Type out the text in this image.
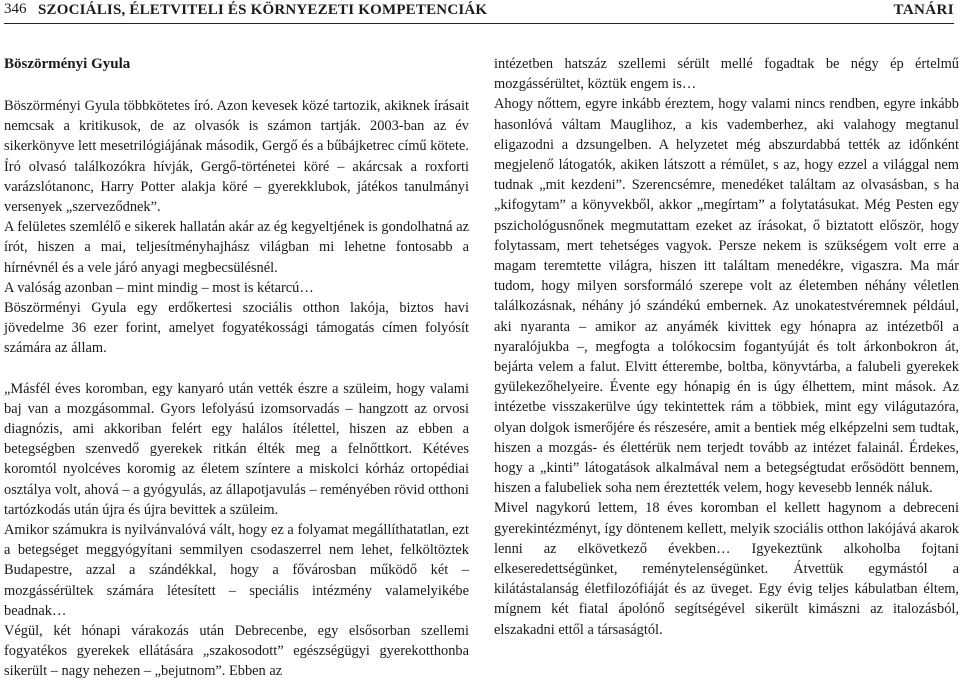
346 SZOCIÁLIS, ÉLETVITELI ÉS KÖRNYEZETI KOMPETENCIÁK	TANÁRI
Böszörményi Gyula

Böszörményi Gyula többkötetes író. Azon kevesek közé tartozik, akiknek írásait nemcsak a kritikusok, de az olvasók is számon tartják. 2003-ban az év sikerkönyve lett mesetrilógiájának második, Gergő és a bűbájketrec című kötete. Író olvasó találkozókra hívják, Gergő-történetei köré – akárcsak a roxforti varázslótanonc, Harry Potter alakja köré – gyerekklubok, játékos tanulmányi versenyek „szerveződnek”.

A felületes szemlélő e sikerek hallatán akár az ég kegyeltjének is gondolhatná az írót, hiszen a mai, teljesítményhajhász világban mi lehetne fontosabb a hírnévnél és a vele járó anyagi megbecsülésnél.

A valóság azonban – mint mindig – most is kétarcú…

Böszörményi Gyula egy erdőkertesi szociális otthon lakója, biztos havi jövedelme 36 ezer forint, amelyet fogyatékossági támogatás címen folyósít számára az állam.

„Másfél éves koromban, egy kanyaró után vették észre a szüleim, hogy valami baj van a mozgásommal. Gyors lefolyású izomsorvadás – hangzott az orvosi diagnózis, ami akkoriban felért egy halálos ítélettel, hiszen az ebben a betegségben szenvedő gyerekek ritkán élték meg a felnőttkort. Kétéves koromtól nyolcéves koromig az életem színtere a miskolci kórház ortopédiai osztálya volt, ahová – a gyógyulás, az állapotjavulás – reményében rövid otthoni tartózkodás után újra és újra bevittek a szüleim.

Amikor számukra is nyilvánvalóvá vált, hogy ez a folyamat megállíthatatlan, ezt a betegséget meggyógyítani semmilyen csodaszerrel nem lehet, felköltöztek Budapestre, azzal a szándékkal, hogy a fővárosban működő két – mozgássérültek számára létesített – speciális intézmény valamelyikébe beadnak…

Végül, két hónapi várakozás után Debrecenbe, egy elsősorban szellemi fogyatékos gyerekek ellátására „szakosodott” egészségügyi gyerekotthonba sikerült – nagy nehezen – „bejutnom”. Ebben az

intézetben hatszáz szellemi sérült mellé fogadtak be négy ép értelmű mozgássérültet, köztük engem is…

Ahogy nőttem, egyre inkább éreztem, hogy valami nincs rendben, egyre inkább hasonlóvá váltam Mauglihoz, a kis vademberhez, aki valahogy megtanul eligazodni a dzsungelben. A helyzetet még abszurdabbá tették az időnként megjelenő látogatók, akiken látszott a rémület, s az, hogy ezzel a világgal nem tudnak „mit kezdeni”. Szerencsémre, menedéket találtam az olvasásban, s ha „kifogytam” a könyvekből, akkor „megírtam” a folytatásukat. Még Pesten egy pszichológusnőnek megmutattam ezeket az írásokat, ő biztatott először, hogy folytassam, mert tehetséges vagyok. Persze nekem is szükségem volt erre a magam teremtette világra, hiszen itt találtam menedékre, vigaszra. Ma már tudom, hogy milyen sorsformáló szerepe volt az életemben néhány véletlen találkozásnak, néhány jó szándékú embernek. Az unokatestvéremnek például, aki nyaranta – amikor az anyámék kivittek egy hónapra az intézetből a nyaralójukba –, megfogta a tolókocsim fogantyúját és tolt árkonbokron át, bejárta velem a falut. Elvitt étterembe, boltba, könyvtárba, a falubeli gyerekek gyülekezőhelyeire. Évente egy hónapig én is úgy élhettem, mint mások. Az intézetbe visszakerülve úgy tekintettek rám a többiek, mint egy világutazóra, olyan dolgok ismerőjére és részesére, amit a bentiek még elképzelni sem tudtak, hiszen a mozgás- és élettérük nem terjedt tovább az intézet falainál. Érdekes, hogy a „kinti” látogatások alkalmával nem a betegségtudat erősödött bennem, hiszen a falubeliek soha nem éreztették velem, hogy kevesebb lennék náluk.

Mivel nagykorú lettem, 18 éves koromban el kellett hagynom a debreceni gyerekintézményt, így döntenem kellett, melyik szociális otthon lakójává akarok lenni az elkövetkező években… Igyekeztünk alkoholba fojtani elkeseredettségünket, reménytelenségünket. Átvettük egymástól a kilátástalanság életfilozófiáját és az üveget. Egy évig teljes kábulatban éltem, mígnem két fiatal ápolónő segítségével sikerült kimászni az italozásból, elszakadni ettől a társaságtól.
